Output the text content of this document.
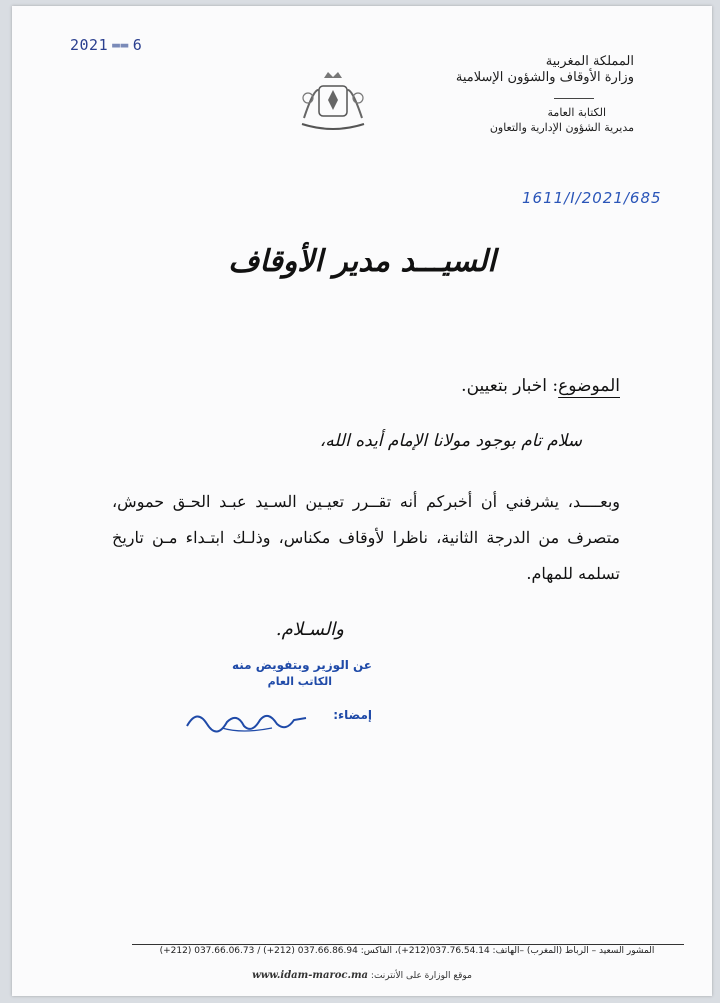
2021 ▬▬ 6
المملكة المغربية
وزارة الأوقاف والشؤون الإسلامية
الكتابة العامة
مديرية الشؤون الإدارية والتعاون
1611/I/2021/685
السيـــد مدير الأوقاف
الموضوع: اخبار بتعيين.
سلام تام بوجود مولانا الإمام أيده الله،
وبعــــد، يشرفني أن أخبركم أنه تقــرر تعيـين السـيد عبـد الحـق حموش، متصرف من الدرجة الثانية، ناظرا لأوقاف مكناس، وذلـك ابتـداء مـن تاريخ تسلمه للمهام.
والسـلام.
عن الوزير وبتفويض منه
الكاتب العام
إمضاء:
المشور السعيد – الرباط (المغرب) –الهاتف: 037.76.54.14(212+)، الفاكس: 037.66.86.94 (212+) / 037.66.06.73 (212+)
موقع الوزارة على الأنترنت: www.idam-maroc.ma
